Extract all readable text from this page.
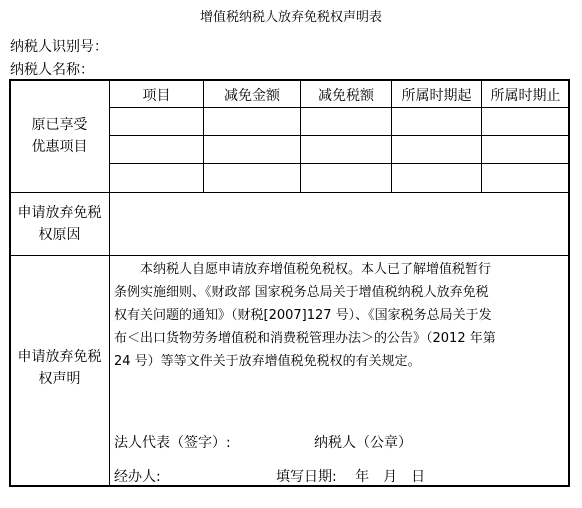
增值税纳税人放弃免税权声明表
纳税人识别号：
纳税人名称：
项目	减免金额	减免税额	所属时期起	所属时期止
原已享受
优惠项目
申请放弃免税
权原因
申请放弃免税
权声明
　　本纳税人自愿申请放弃增值税免税权。本人已了解增值税暂行
条例实施细则、《财政部 国家税务总局关于增值税纳税人放弃免税
权有关问题的通知》（财税[2007]127 号）、《国家税务总局关于发
布＜出口货物劳务增值税和消费税管理办法＞的公告》（2012 年第
24 号）等等文件关于放弃增值税免税权的有关规定。
法人代表（签字）:	纳税人（公章）
经办人:	填写日期:　 年　月　日
